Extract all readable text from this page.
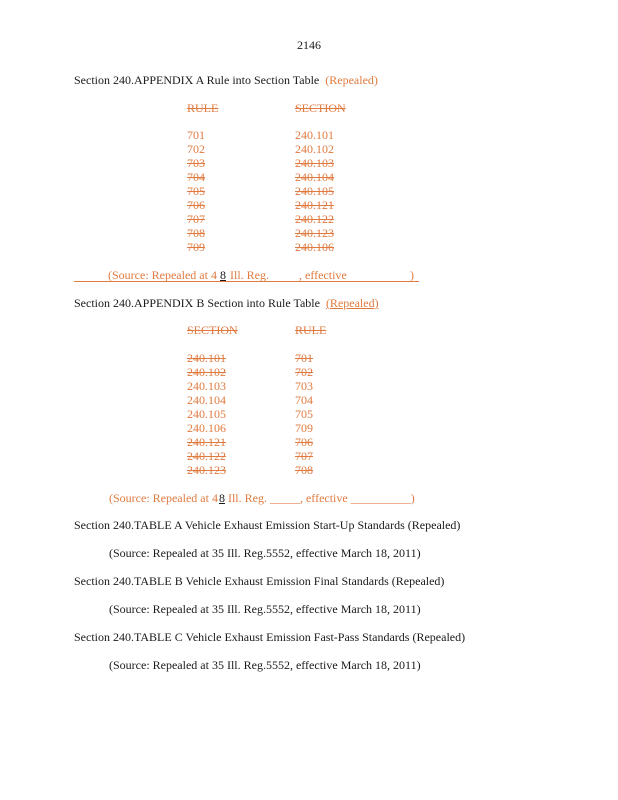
2146
Section 240.APPENDIX A Rule into Section Table (Repealed)
RULE	SECTION
701	240.101
702	240.102
703	240.103
704	240.104
705	240.105
706	240.121
707	240.122
708	240.123
709	240.106
(Source: Repealed at 4 8 Ill. Reg.	, effective	)
Section 240.APPENDIX B Section into Rule Table (Repealed)
SECTION	RULE
240.101	701
240.102	702
240.103	703
240.104	704
240.105	705
240.106	709
240.121	706
240.122	707
240.123	708
(Source: Repealed at 48 Ill. Reg. _____, effective __________)
Section 240.TABLE A Vehicle Exhaust Emission Start-Up Standards (Repealed)
(Source: Repealed at 35 Ill. Reg.5552, effective March 18, 2011)
Section 240.TABLE B Vehicle Exhaust Emission Final Standards (Repealed)
(Source: Repealed at 35 Ill. Reg.5552, effective March 18, 2011)
Section 240.TABLE C Vehicle Exhaust Emission Fast-Pass Standards (Repealed)
(Source: Repealed at 35 Ill. Reg.5552, effective March 18, 2011)
